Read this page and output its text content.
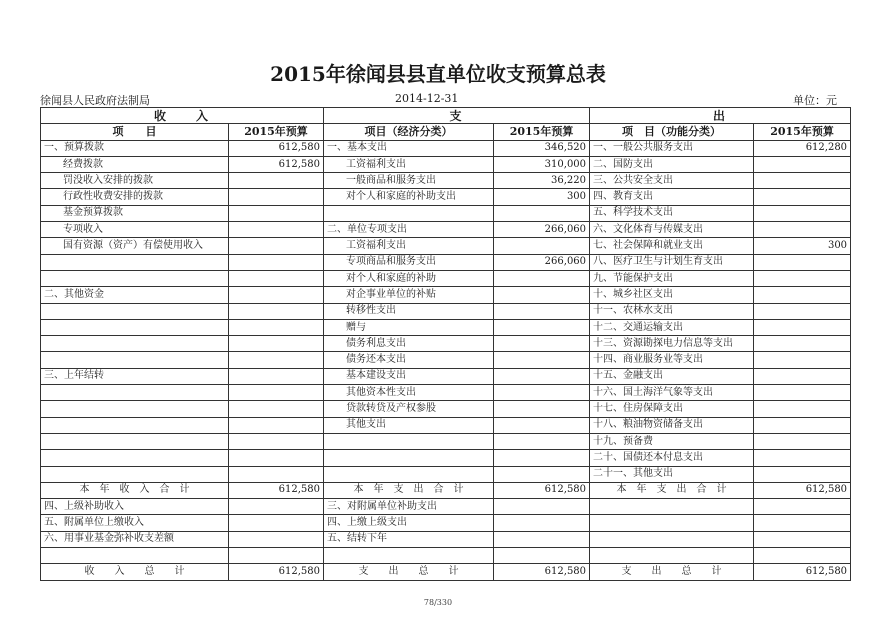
2015年徐闻县县直单位收支预算总表
徐闻县人民政府法制局	2014-12-31	单位：元
收　　入		支		出	
项　　目	2015年预算	项目（经济分类）	2015年预算	项　目（功能分类）	2015年预算
一、预算拨款	612,580	一、基本支出	346,520	一、一般公共服务支出	612,280
经费拨款	612,580	工资福利支出	310,000	二、国防支出	
罚没收入安排的拨款		一般商品和服务支出	36,220	三、公共安全支出	
行政性收费安排的拨款		对个人和家庭的补助支出	300	四、教育支出	
基金预算拨款				五、科学技术支出	
专项收入		二、单位专项支出	266,060	六、文化体育与传媒支出	
国有资源（资产）有偿使用收入		工资福利支出		七、社会保障和就业支出	300
		专项商品和服务支出	266,060	八、医疗卫生与计划生育支出	
		对个人和家庭的补助		九、节能保护支出	
二、其他资金		对企事业单位的补贴		十、城乡社区支出	
		转移性支出		十一、农林水支出	
		赠与		十二、交通运输支出	
		债务利息支出		十三、资源勘探电力信息等支出	
		债务还本支出		十四、商业服务业等支出	
三、上年结转		基本建设支出		十五、金融支出	
		其他资本性支出		十六、国土海洋气象等支出	
		贷款转贷及产权参股		十七、住房保障支出	
		其他支出		十八、粮油物资储备支出	
				十九、预备费	
				二十、国债还本付息支出	
				二十一、其他支出	
本　年　收　入　合　计	612,580	本　年　支　出　合　计	612,580	本　年　支　出　合　计	612,580
四、上级补助收入		三、对附属单位补助支出			
五、附属单位上缴收入		四、上缴上级支出			
六、用事业基金弥补收支差额		五、结转下年			

收　　入　　总　　计	612,580	支　　出　　总　　计	612,580	支　　出　　总　　计	612,580
78/330
